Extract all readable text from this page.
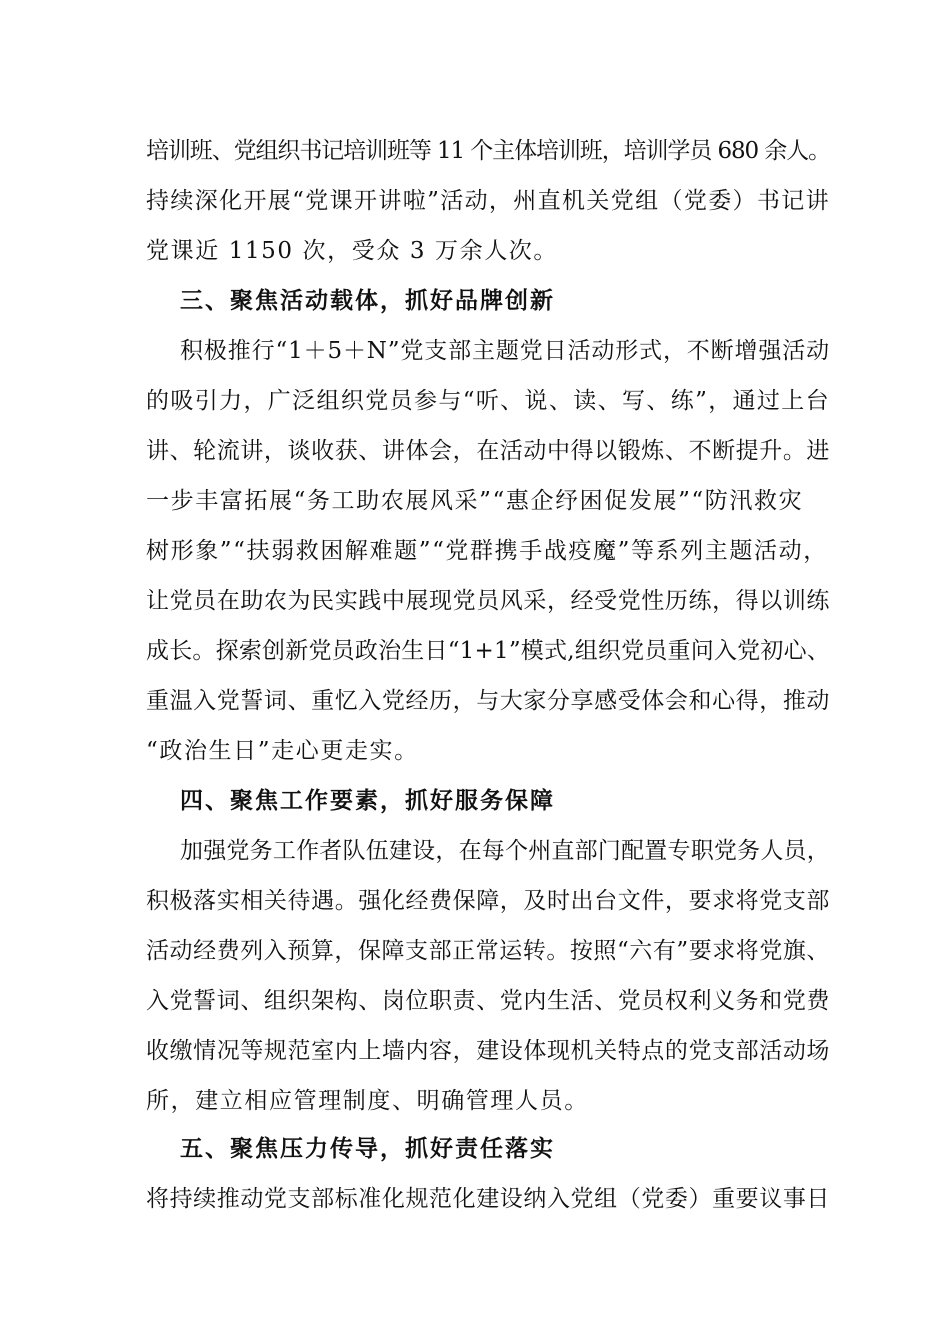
培训班、党组织书记培训班等 11 个主体培训班，培训学员 680 余人。
持续深化开展“党课开讲啦”活动，州直机关党组（党委）书记讲
党课近 1150 次，受众 3 万余人次。
三、聚焦活动载体，抓好品牌创新
积极推行“1＋5＋N”党支部主题党日活动形式，不断增强活动
的吸引力，广泛组织党员参与“听、说、读、写、练”，通过上台
讲、轮流讲，谈收获、讲体会，在活动中得以锻炼、不断提升。进
一步丰富拓展“务工助农展风采”“惠企纾困促发展”“防汛救灾
树形象”“扶弱救困解难题”“党群携手战疫魔”等系列主题活动，
让党员在助农为民实践中展现党员风采，经受党性历练，得以训练
成长。探索创新党员政治生日“1+1”模式,组织党员重问入党初心、
重温入党誓词、重忆入党经历，与大家分享感受体会和心得，推动
“政治生日”走心更走实。
四、聚焦工作要素，抓好服务保障
加强党务工作者队伍建设，在每个州直部门配置专职党务人员，
积极落实相关待遇。强化经费保障，及时出台文件，要求将党支部
活动经费列入预算，保障支部正常运转。按照“六有”要求将党旗、
入党誓词、组织架构、岗位职责、党内生活、党员权利义务和党费
收缴情况等规范室内上墙内容，建设体现机关特点的党支部活动场
所，建立相应管理制度、明确管理人员。
五、聚焦压力传导，抓好责任落实
将持续推动党支部标准化规范化建设纳入党组（党委）重要议事日
